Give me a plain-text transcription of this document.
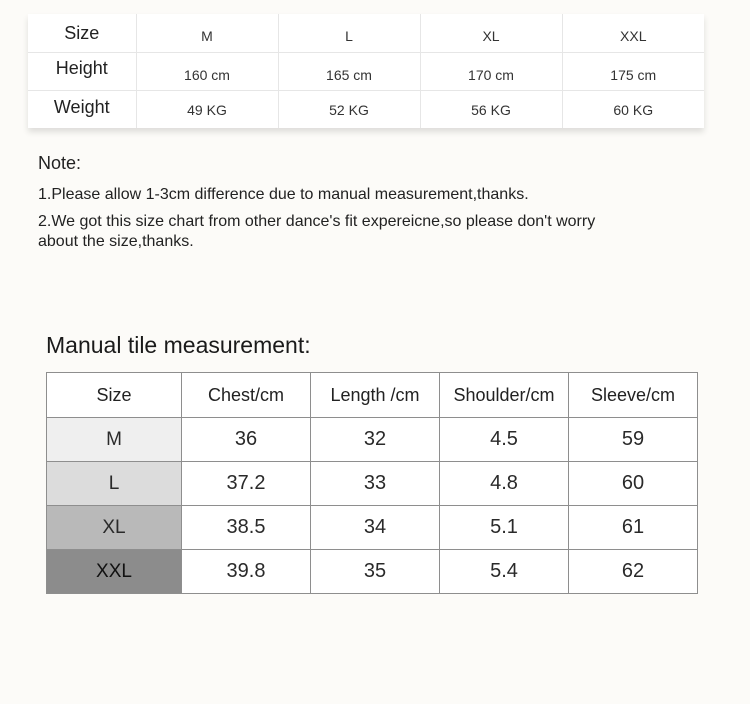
Size	M	L	XL	XXL
Height	160 cm	165 cm	170 cm	175 cm
Weight	49 KG	52 KG	56 KG	60 KG
Note:
1.Please allow 1-3cm difference due to manual measurement,thanks.
2.We got this size chart from other dance's fit expereicne,so please don't worry about the size,thanks.
Manual tile measurement:
Size	Chest/cm	Length /cm	Shoulder/cm	Sleeve/cm
M	36	32	4.5	59
L	37.2	33	4.8	60
XL	38.5	34	5.1	61
XXL	39.8	35	5.4	62
